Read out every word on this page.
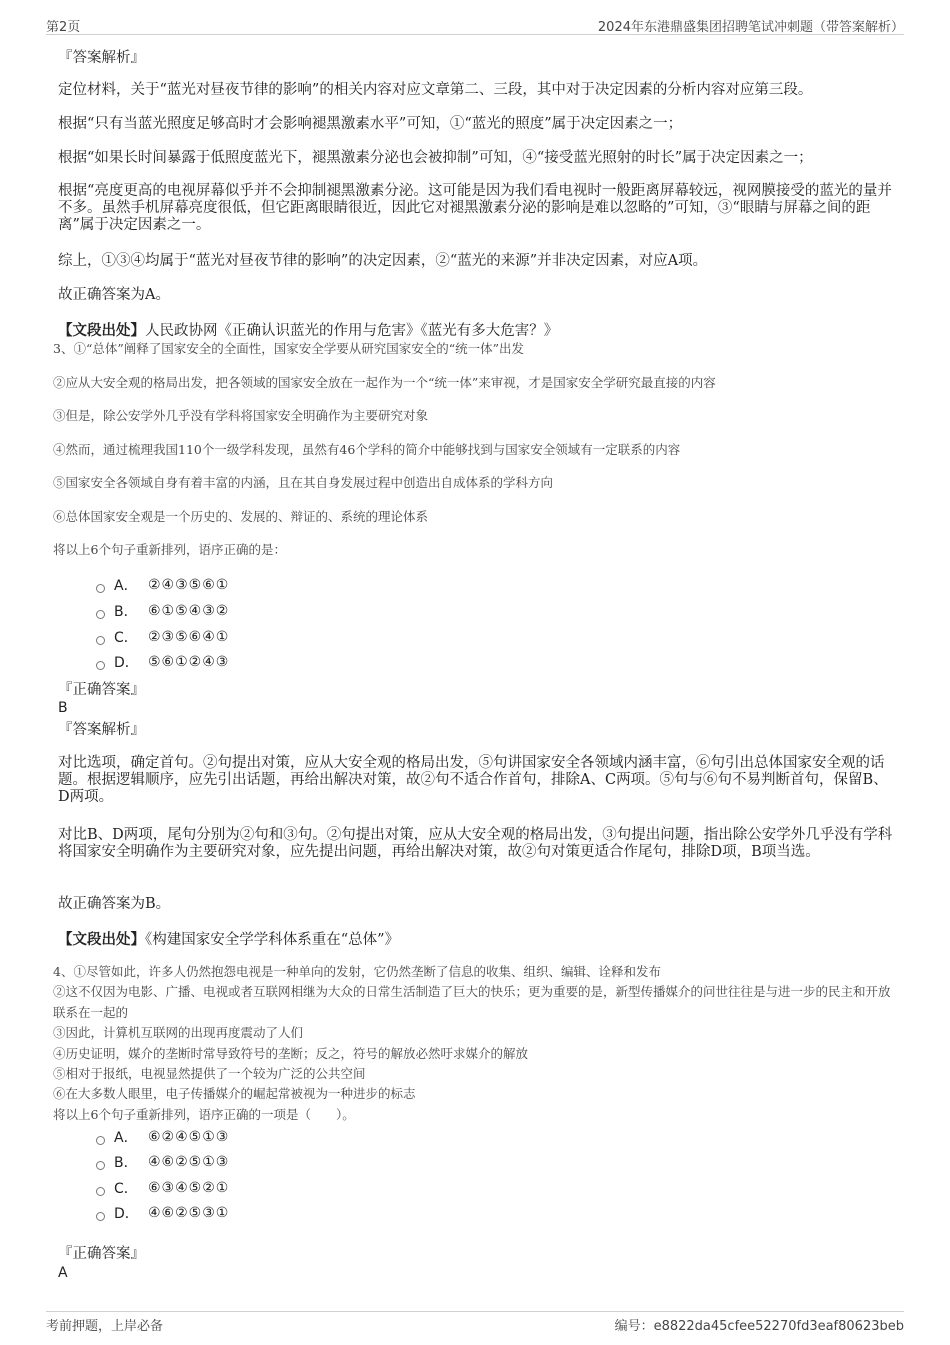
第2页	2024年东港鼎盛集团招聘笔试冲刺题（带答案解析）
『答案解析』
定位材料，关于“蓝光对昼夜节律的影响”的相关内容对应文章第二、三段，其中对于决定因素的分析内容对应第三段。
根据“只有当蓝光照度足够高时才会影响褪黑激素水平”可知，①“蓝光的照度”属于决定因素之一；
根据“如果长时间暴露于低照度蓝光下，褪黑激素分泌也会被抑制”可知，④“接受蓝光照射的时长”属于决定因素之一；
根据“亮度更高的电视屏幕似乎并不会抑制褪黑激素分泌。这可能是因为我们看电视时一般距离屏幕较远，视网膜接受的蓝光的量并不多。虽然手机屏幕亮度很低，但它距离眼睛很近，因此它对褪黑激素分泌的影响是难以忽略的”可知，③“眼睛与屏幕之间的距离”属于决定因素之一。
综上，①③④均属于“蓝光对昼夜节律的影响”的决定因素，②“蓝光的来源”并非决定因素，对应A项。
故正确答案为A。
【文段出处】人民政协网《正确认识蓝光的作用与危害》《蓝光有多大危害？》
3、①“总体”阐释了国家安全的全面性，国家安全学要从研究国家安全的“统一体”出发
②应从大安全观的格局出发，把各领域的国家安全放在一起作为一个“统一体”来审视，才是国家安全学研究最直接的内容
③但是，除公安学外几乎没有学科将国家安全明确作为主要研究对象
④然而，通过梳理我国110个一级学科发现，虽然有46个学科的简介中能够找到与国家安全领域有一定联系的内容
⑤国家安全各领域自身有着丰富的内涵，且在其自身发展过程中创造出自成体系的学科方向
⑥总体国家安全观是一个历史的、发展的、辩证的、系统的理论体系
将以上6个句子重新排列，语序正确的是：
A． ②④③⑤⑥①
B． ⑥①⑤④③②
C． ②③⑤⑥④①
D． ⑤⑥①②④③
『正确答案』
B
『答案解析』
对比选项，确定首句。②句提出对策，应从大安全观的格局出发，⑤句讲国家安全各领域内涵丰富，⑥句引出总体国家安全观的话题。根据逻辑顺序，应先引出话题，再给出解决对策，故②句不适合作首句，排除A、C两项。⑤句与⑥句不易判断首句，保留B、D两项。
对比B、D两项，尾句分别为②句和③句。②句提出对策，应从大安全观的格局出发，③句提出问题，指出除公安学外几乎没有学科将国家安全明确作为主要研究对象，应先提出问题，再给出解决对策，故②句对策更适合作尾句，排除D项，B项当选。
故正确答案为B。
【文段出处】《构建国家安全学学科体系重在“总体”》
4、①尽管如此，许多人仍然抱怨电视是一种单向的发射，它仍然垄断了信息的收集、组织、编辑、诠释和发布
②这不仅因为电影、广播、电视或者互联网相继为大众的日常生活制造了巨大的快乐；更为重要的是，新型传播媒介的问世往往是与进一步的民主和开放联系在一起的
③因此，计算机互联网的出现再度震动了人们
④历史证明，媒介的垄断时常导致符号的垄断；反之，符号的解放必然吁求媒介的解放
⑤相对于报纸，电视显然提供了一个较为广泛的公共空间
⑥在大多数人眼里，电子传播媒介的崛起常被视为一种进步的标志
将以上6个句子重新排列，语序正确的一项是（　　）。
A． ⑥②④⑤①③
B． ④⑥②⑤①③
C． ⑥③④⑤②①
D． ④⑥②⑤③①
『正确答案』
A
考前押题，上岸必备	编号：e8822da45cfee52270fd3eaf80623beb
